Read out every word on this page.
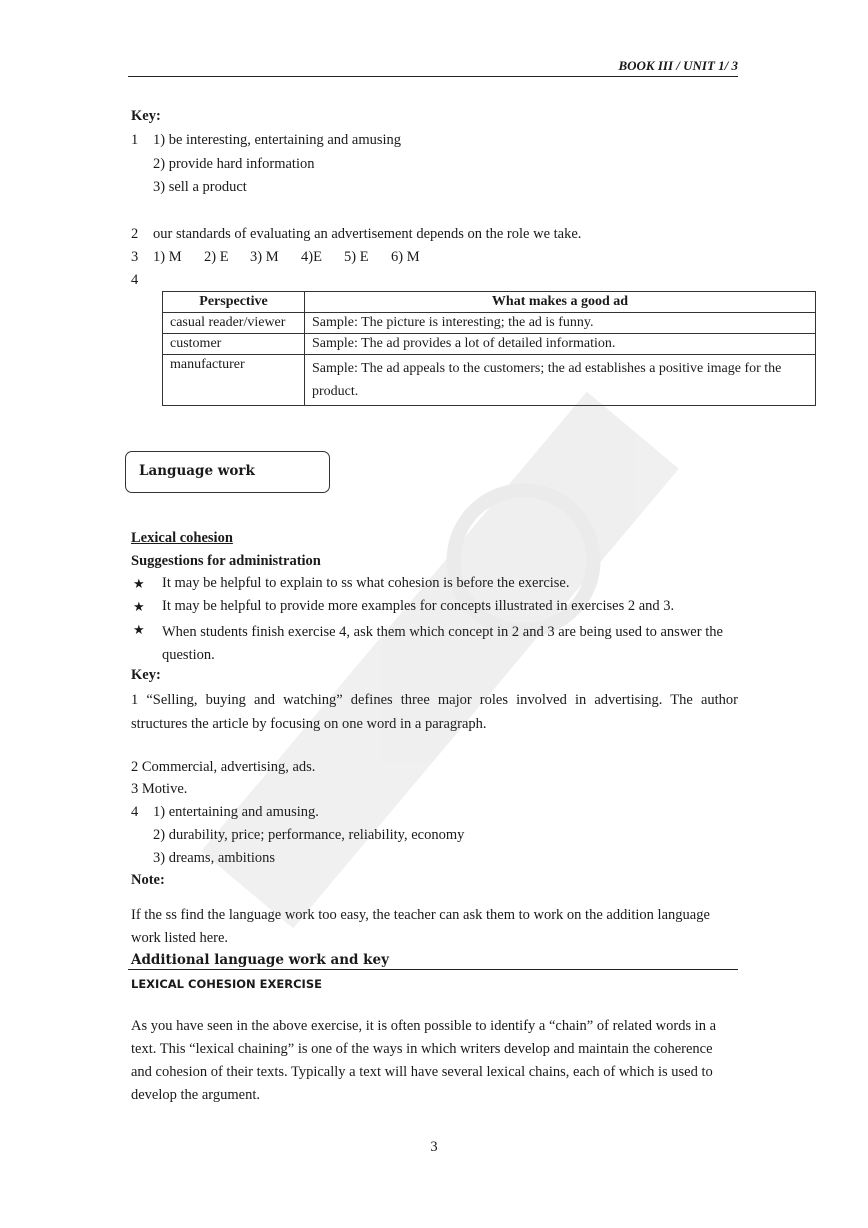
BOOK III / UNIT 1/ 3
Key:
1 1) be interesting, entertaining and amusing
2) provide hard information
3) sell a product
2 our standards of evaluating an advertisement depends on the role we take.
3 1) M 2) E 3) M 4)E 5) E 6) M
4
Perspective	What makes a good ad
casual reader/viewer	Sample: The picture is interesting; the ad is funny.
customer	Sample: The ad provides a lot of detailed information.
manufacturer	Sample: The ad appeals to the customers; the ad establishes a positive image for the product.
Language work
Lexical cohesion
Suggestions for administration
★ It may be helpful to explain to ss what cohesion is before the exercise.
★ It may be helpful to provide more examples for concepts illustrated in exercises 2 and 3.
★ When students finish exercise 4, ask them which concept in 2 and 3 are being used to answer the question.
Key:
1 “Selling, buying and watching” defines three major roles involved in advertising. The author structures the article by focusing on one word in a paragraph.
2 Commercial, advertising, ads.
3 Motive.
4 1) entertaining and amusing.
2) durability, price; performance, reliability, economy
3) dreams, ambitions
Note:
If the ss find the language work too easy, the teacher can ask them to work on the addition language work listed here.
Additional language work and key
LEXICAL COHESION EXERCISE
As you have seen in the above exercise, it is often possible to identify a “chain” of related words in a
text. This “lexical chaining” is one of the ways in which writers develop and maintain the coherence
and cohesion of their texts. Typically a text will have several lexical chains, each of which is used to
develop the argument.
3
